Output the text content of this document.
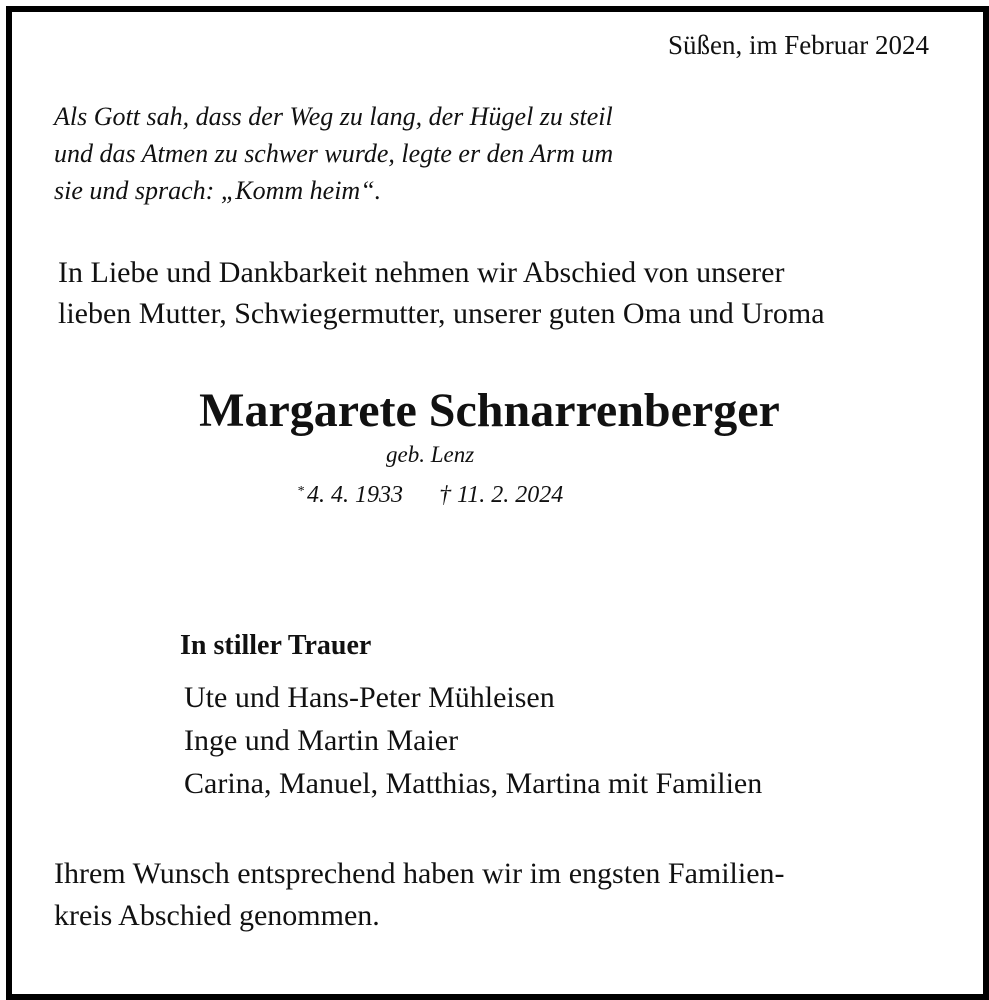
Süßen, im Februar 2024
Als Gott sah, dass der Weg zu lang, der Hügel zu steil
und das Atmen zu schwer wurde, legte er den Arm um
sie und sprach: „Komm heim“.
In Liebe und Dankbarkeit nehmen wir Abschied von unserer
lieben Mutter, Schwiegermutter, unserer guten Oma und Uroma
Margarete Schnarrenberger
geb. Lenz
* 4. 4. 1933 † 11. 2. 2024
In stiller Trauer
Ute und Hans-Peter Mühleisen
Inge und Martin Maier
Carina, Manuel, Matthias, Martina mit Familien
Ihrem Wunsch entsprechend haben wir im engsten Familien-
kreis Abschied genommen.
